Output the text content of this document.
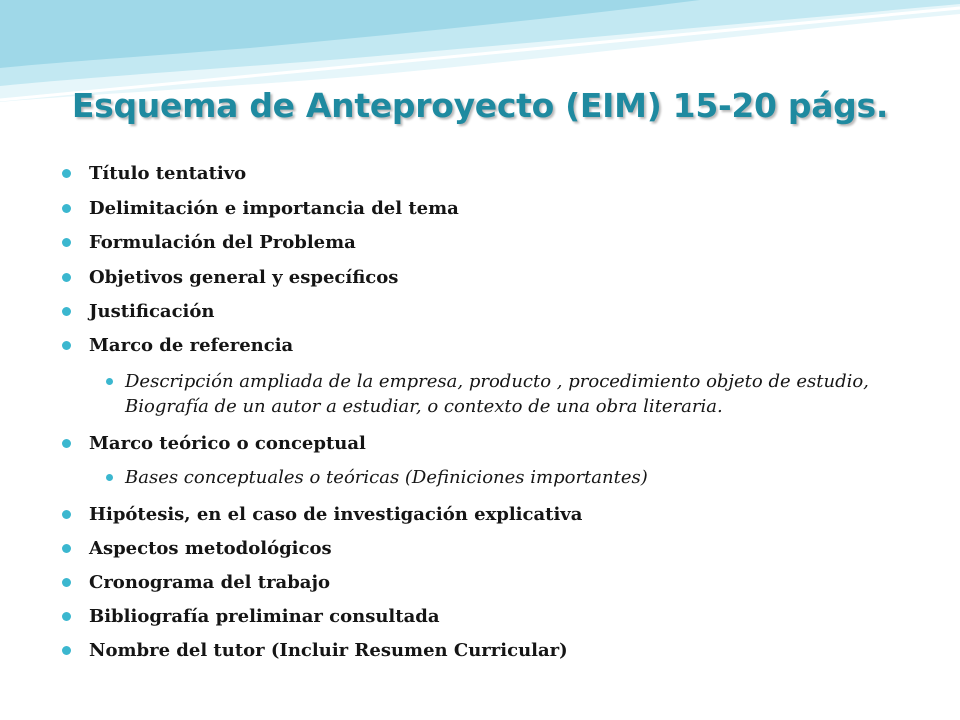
Esquema de Anteproyecto (EIM) 15-20 págs.
Título tentativo
Delimitación e importancia del tema
Formulación del Problema
Objetivos general y específicos
Justificación
Marco de referencia
Descripción ampliada de la empresa, producto , procedimiento objeto de estudio, Biografía de un autor a estudiar, o contexto de una obra literaria.
Marco teórico o conceptual
Bases conceptuales o teóricas (Definiciones importantes)
Hipótesis, en el caso de investigación explicativa
Aspectos metodológicos
Cronograma del trabajo
Bibliografía preliminar consultada
Nombre del tutor (Incluir Resumen Curricular)
